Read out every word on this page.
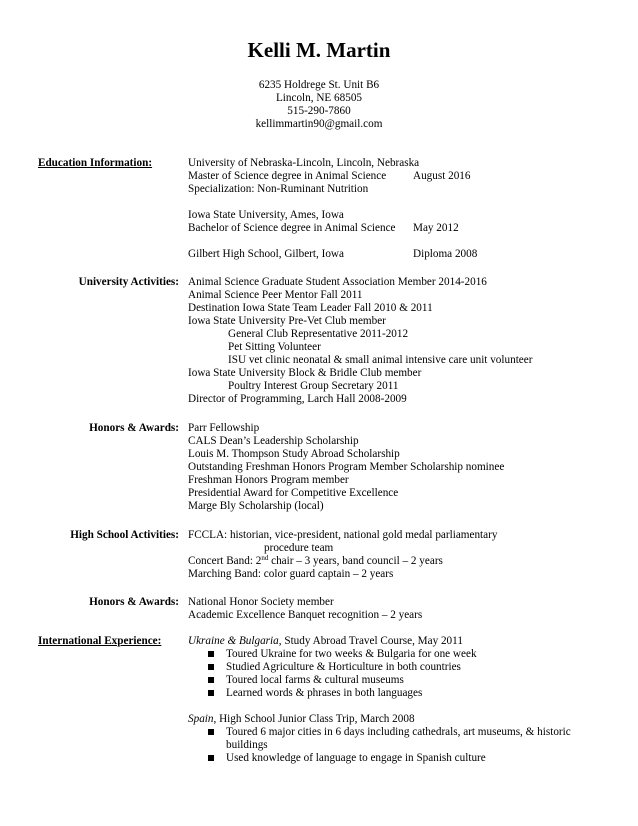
Kelli M. Martin
6235 Holdrege St. Unit B6
Lincoln, NE 68505
515-290-7860
kellimmartin90@gmail.com
Education Information:	University of Nebraska-Lincoln, Lincoln, Nebraska
Master of Science degree in Animal Science August 2016
Specialization: Non-Ruminant Nutrition
Iowa State University, Ames, Iowa
Bachelor of Science degree in Animal Science May 2012
Gilbert High School, Gilbert, Iowa	Diploma 2008
University Activities: Animal Science Graduate Student Association Member 2014-2016
Animal Science Peer Mentor Fall 2011
Destination Iowa State Team Leader Fall 2010 & 2011
Iowa State University Pre-Vet Club member
General Club Representative 2011-2012
Pet Sitting Volunteer
ISU vet clinic neonatal & small animal intensive care unit volunteer
Iowa State University Block & Bridle Club member
Poultry Interest Group Secretary 2011
Director of Programming, Larch Hall 2008-2009
Honors & Awards: Parr Fellowship
CALS Dean’s Leadership Scholarship
Louis M. Thompson Study Abroad Scholarship
Outstanding Freshman Honors Program Member Scholarship nominee
Freshman Honors Program member
Presidential Award for Competitive Excellence
Marge Bly Scholarship (local)
High School Activities: FCCLA: historian, vice-president, national gold medal parliamentary
procedure team
Concert Band: 2nd chair – 3 years, band council – 2 years
Marching Band: color guard captain – 2 years
Honors & Awards: National Honor Society member
Academic Excellence Banquet recognition – 2 years
International Experience: Ukraine & Bulgaria, Study Abroad Travel Course, May 2011
Toured Ukraine for two weeks & Bulgaria for one week
Studied Agriculture & Horticulture in both countries
Toured local farms & cultural museums
Learned words & phrases in both languages
Spain, High School Junior Class Trip, March 2008
Toured 6 major cities in 6 days including cathedrals, art museums, & historic buildings
Used knowledge of language to engage in Spanish culture
